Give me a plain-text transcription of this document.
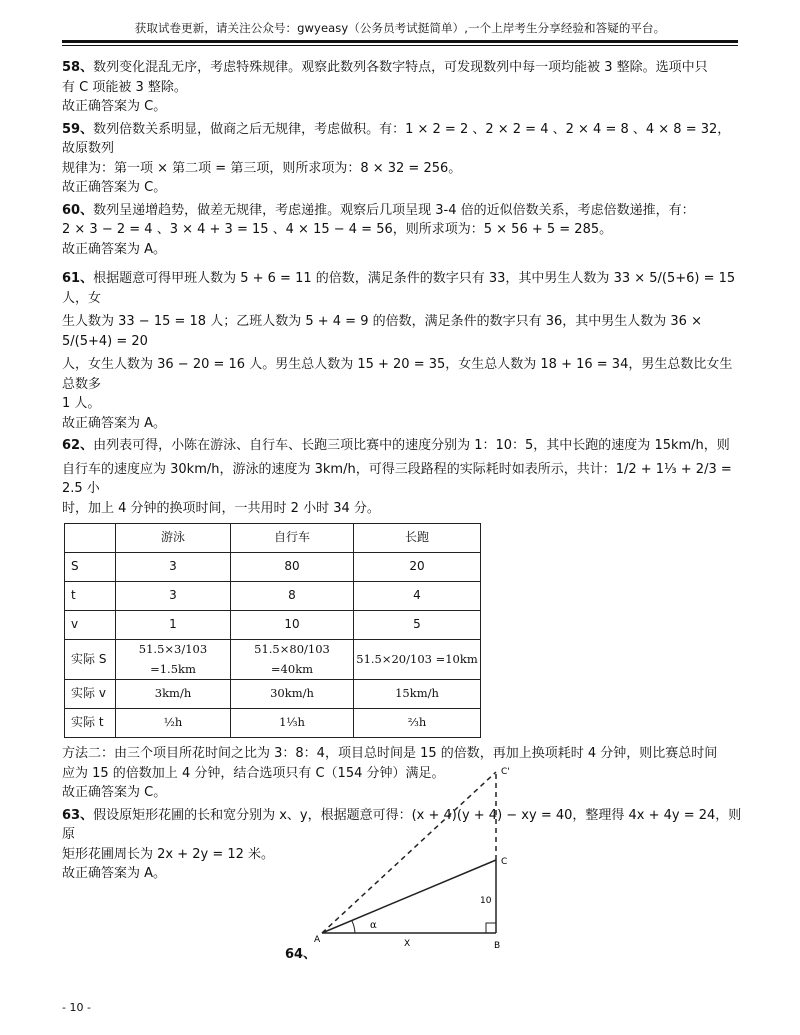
获取试卷更新，请关注公众号：gwyeasy（公务员考试挺简单）,一个上岸考生分享经验和答疑的平台。

58、数列变化混乱无序，考虑特殊规律。观察此数列各数字特点，可发现数列中每一项均能被 3 整除。选项中只

有 C 项能被 3 整除。

故正确答案为 C。

59、数列倍数关系明显，做商之后无规律，考虑做积。有：1 × 2 = 2 、2 × 2 = 4 、2 × 4 = 8 、4 × 8 = 32，故原数列

规律为：第一项 × 第二项 = 第三项，则所求项为：8 × 32 = 256。

故正确答案为 C。

60、数列呈递增趋势，做差无规律，考虑递推。观察后几项呈现 3-4 倍的近似倍数关系，考虑倍数递推，有：

2 × 3 − 2 = 4 、3 × 4 + 3 = 15 、4 × 15 − 4 = 56，则所求项为：5 × 56 + 5 = 285。

故正确答案为 A。

61、根据题意可得甲班人数为 5 + 6 = 11 的倍数，满足条件的数字只有 33，其中男生人数为 33 × 5/(5+6) = 15 人，女

生人数为 33 − 15 = 18 人；乙班人数为 5 + 4 = 9 的倍数，满足条件的数字只有 36，其中男生人数为 36 × 5/(5+4) = 20

人，女生人数为 36 − 20 = 16 人。男生总人数为 15 + 20 = 35，女生总人数为 18 + 16 = 34，男生总数比女生总数多

1 人。

故正确答案为 A。

62、由列表可得，小陈在游泳、自行车、长跑三项比赛中的速度分别为 1：10：5，其中长跑的速度为 15km/h，则

自行车的速度应为 30km/h，游泳的速度为 3km/h，可得三段路程的实际耗时如表所示，共计：1/2 + 1⅓ + 2/3 = 2.5 小

时，加上 4 分钟的换项时间，一共用时 2 小时 34 分。

	游泳	自行车	长跑
S	3	80	20
t	3	8	4
v	1	10	5
实际 S	51.5×3/103 =1.5km	51.5×80/103 =40km	51.5×20/103 =10km
实际 v	3km/h	30km/h	15km/h
实际 t	½h	1⅓h	⅔h

方法二：由三个项目所花时间之比为 3：8：4，项目总时间是 15 的倍数，再加上换项耗时 4 分钟，则比赛总时间

应为 15 的倍数加上 4 分钟，结合选项只有 C（154 分钟）满足。

故正确答案为 C。

63、假设原矩形花圃的长和宽分别为 x、y，根据题意可得：(x + 4)(y + 4) − xy = 40，整理得 4x + 4y = 24，则原

矩形花圃周长为 2x + 2y = 12 米。

故正确答案为 A。

A
B
C
C'
X
10
α
64、
- 10 -
